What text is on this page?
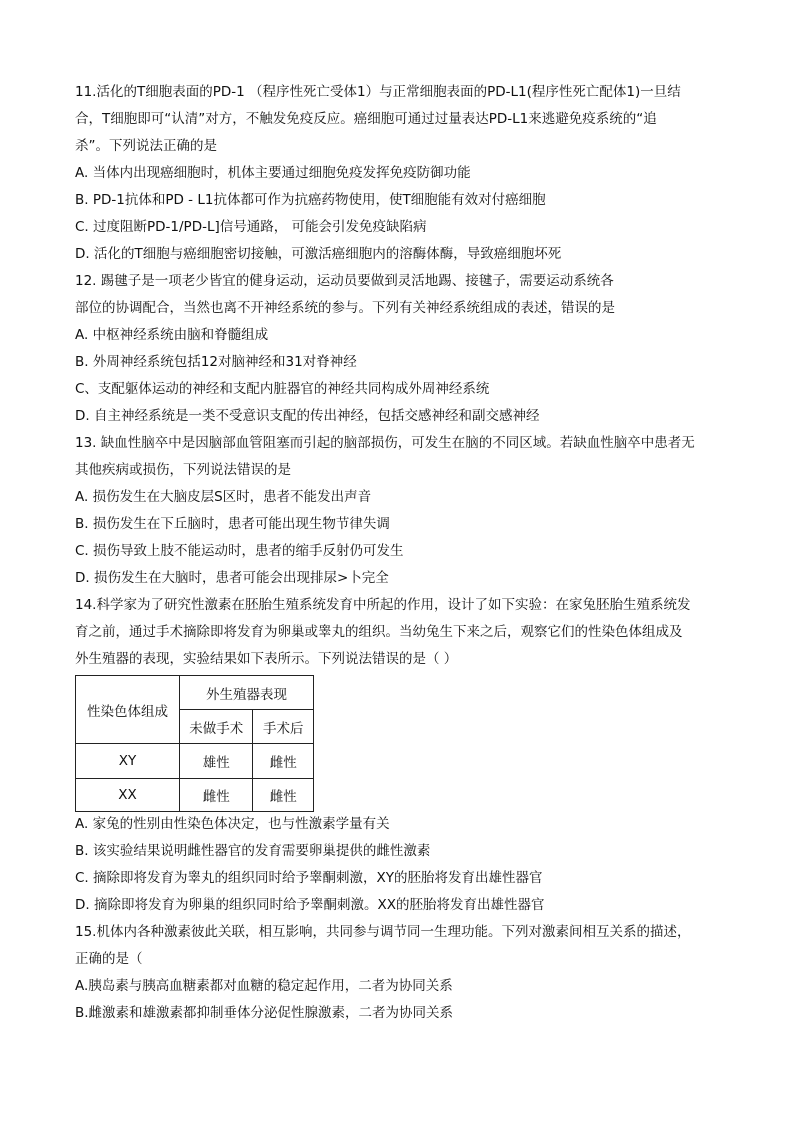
11.活化的T细胞表面的PD-1 （程序性死亡受体1）与正常细胞表面的PD-L1(程序性死亡配体1)一旦结
合，T细胞即可“认清”对方，不触发免疫反应。癌细胞可通过过量表达PD-L1来逃避免疫系统的“追
杀”。下列说法正确的是
A. 当体内出现癌细胞时，机体主要通过细胞免疫发挥免疫防御功能
B. PD-1抗体和PD - L1抗体都可作为抗癌药物使用，使T细胞能有效对付癌细胞
C. 过度阻断PD-1/PD-L]信号通路， 可能会引发免疫缺陷病
D. 活化的T细胞与癌细胞密切接触，可激活癌细胞内的溶酶体酶，导致癌细胞坏死
12. 踢毽子是一项老少皆宜的健身运动，运动员要做到灵活地踢、接毽子，需要运动系统各
部位的协调配合，当然也离不开神经系统的参与。下列有关神经系统组成的表述，错误的是
A. 中枢神经系统由脑和脊髓组成
B. 外周神经系统包括12对脑神经和31对脊神经
C、支配躯体运动的神经和支配内脏器官的神经共同构成外周神经系统
D. 自主神经系统是一类不受意识支配的传出神经，包括交感神经和副交感神经
13. 缺血性脑卒中是因脑部血管阻塞而引起的脑部损伤，可发生在脑的不同区域。若缺血性脑卒中患者无
其他疾病或损伤，下列说法错误的是
A. 损伤发生在大脑皮层S区时，患者不能发出声音
B. 损伤发生在下丘脑时，患者可能出现生物节律失调
C. 损伤导致上肢不能运动时，患者的缩手反射仍可发生
D. 损伤发生在大脑时，患者可能会出现排尿>卜完全
14.科学家为了研究性激素在胚胎生殖系统发育中所起的作用，设计了如下实验：在家兔胚胎生殖系统发
育之前，通过手术摘除即将发育为卵巢或睾丸的组织。当幼兔生下来之后，观察它们的性染色体组成及
外生殖器的表现，实验结果如下表所示。下列说法错误的是（ ）
性染色体组成	外生殖器表现	
	未做手术	手术后
XY	雄性	雌性
XX	雌性	雌性
A. 家兔的性别由性染色体决定，也与性激素学量有关
B. 该实验结果说明雌性器官的发育需要卵巢提供的雌性激素
C. 摘除即将发育为睾丸的组织同时给予睾酮刺激，XY的胚胎将发育出雄性器官
D. 摘除即将发育为卵巢的组织同时给予睾酮刺激。XX的胚胎将发育出雄性器官
15.机体内各种激素彼此关联，相互影响，共同参与调节同一生理功能。下列对激素间相互关系的描述，
正确的是（
A.胰岛素与胰高血糖素都对血糖的稳定起作用，二者为协同关系
B.雌激素和雄激素都抑制垂体分泌促性腺激素，二者为协同关系
